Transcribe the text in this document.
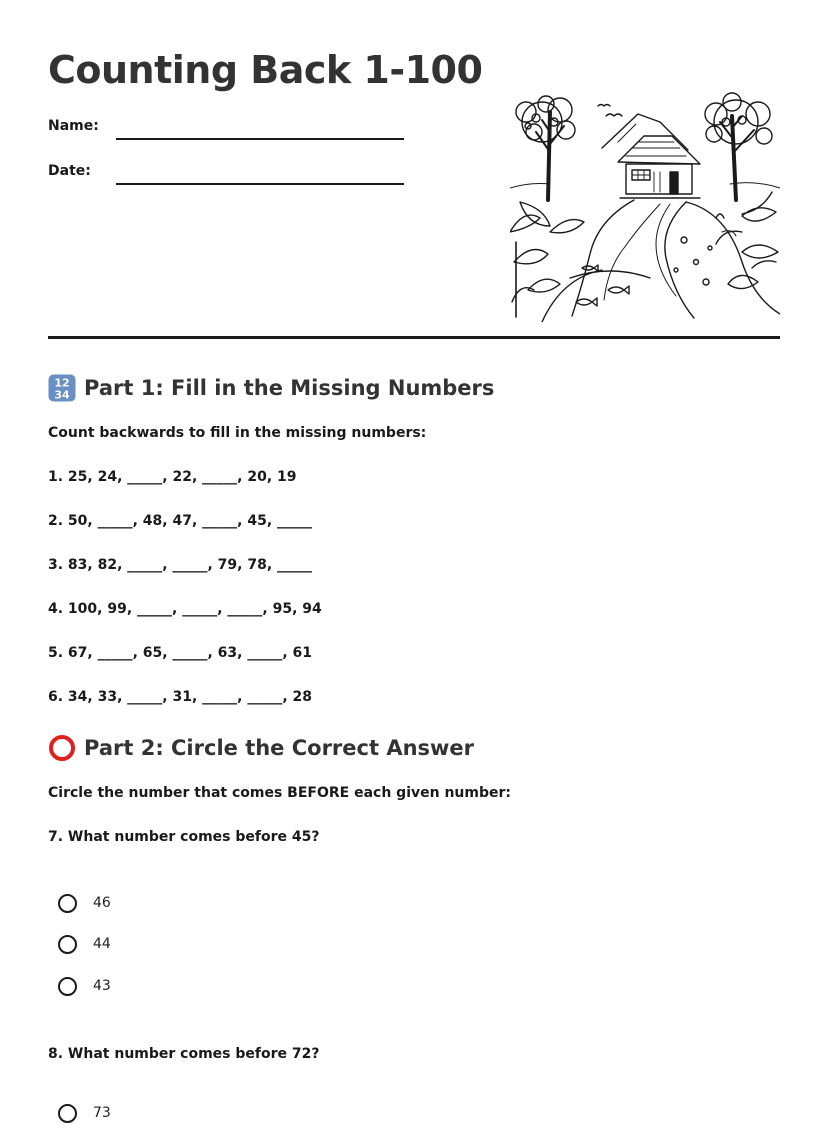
Counting Back 1-100
Name:
Date:
12
34 Part 1: Fill in the Missing Numbers
Count backwards to fill in the missing numbers:
1. 25, 24, _____, 22, _____, 20, 19
2. 50, _____, 48, 47, _____, 45, _____
3. 83, 82, _____, _____, 79, 78, _____
4. 100, 99, _____, _____, _____, 95, 94
5. 67, _____, 65, _____, 63, _____, 61
6. 34, 33, _____, 31, _____, _____, 28
Part 2: Circle the Correct Answer
Circle the number that comes BEFORE each given number:
7. What number comes before 45?
46
44
43
8. What number comes before 72?
73
